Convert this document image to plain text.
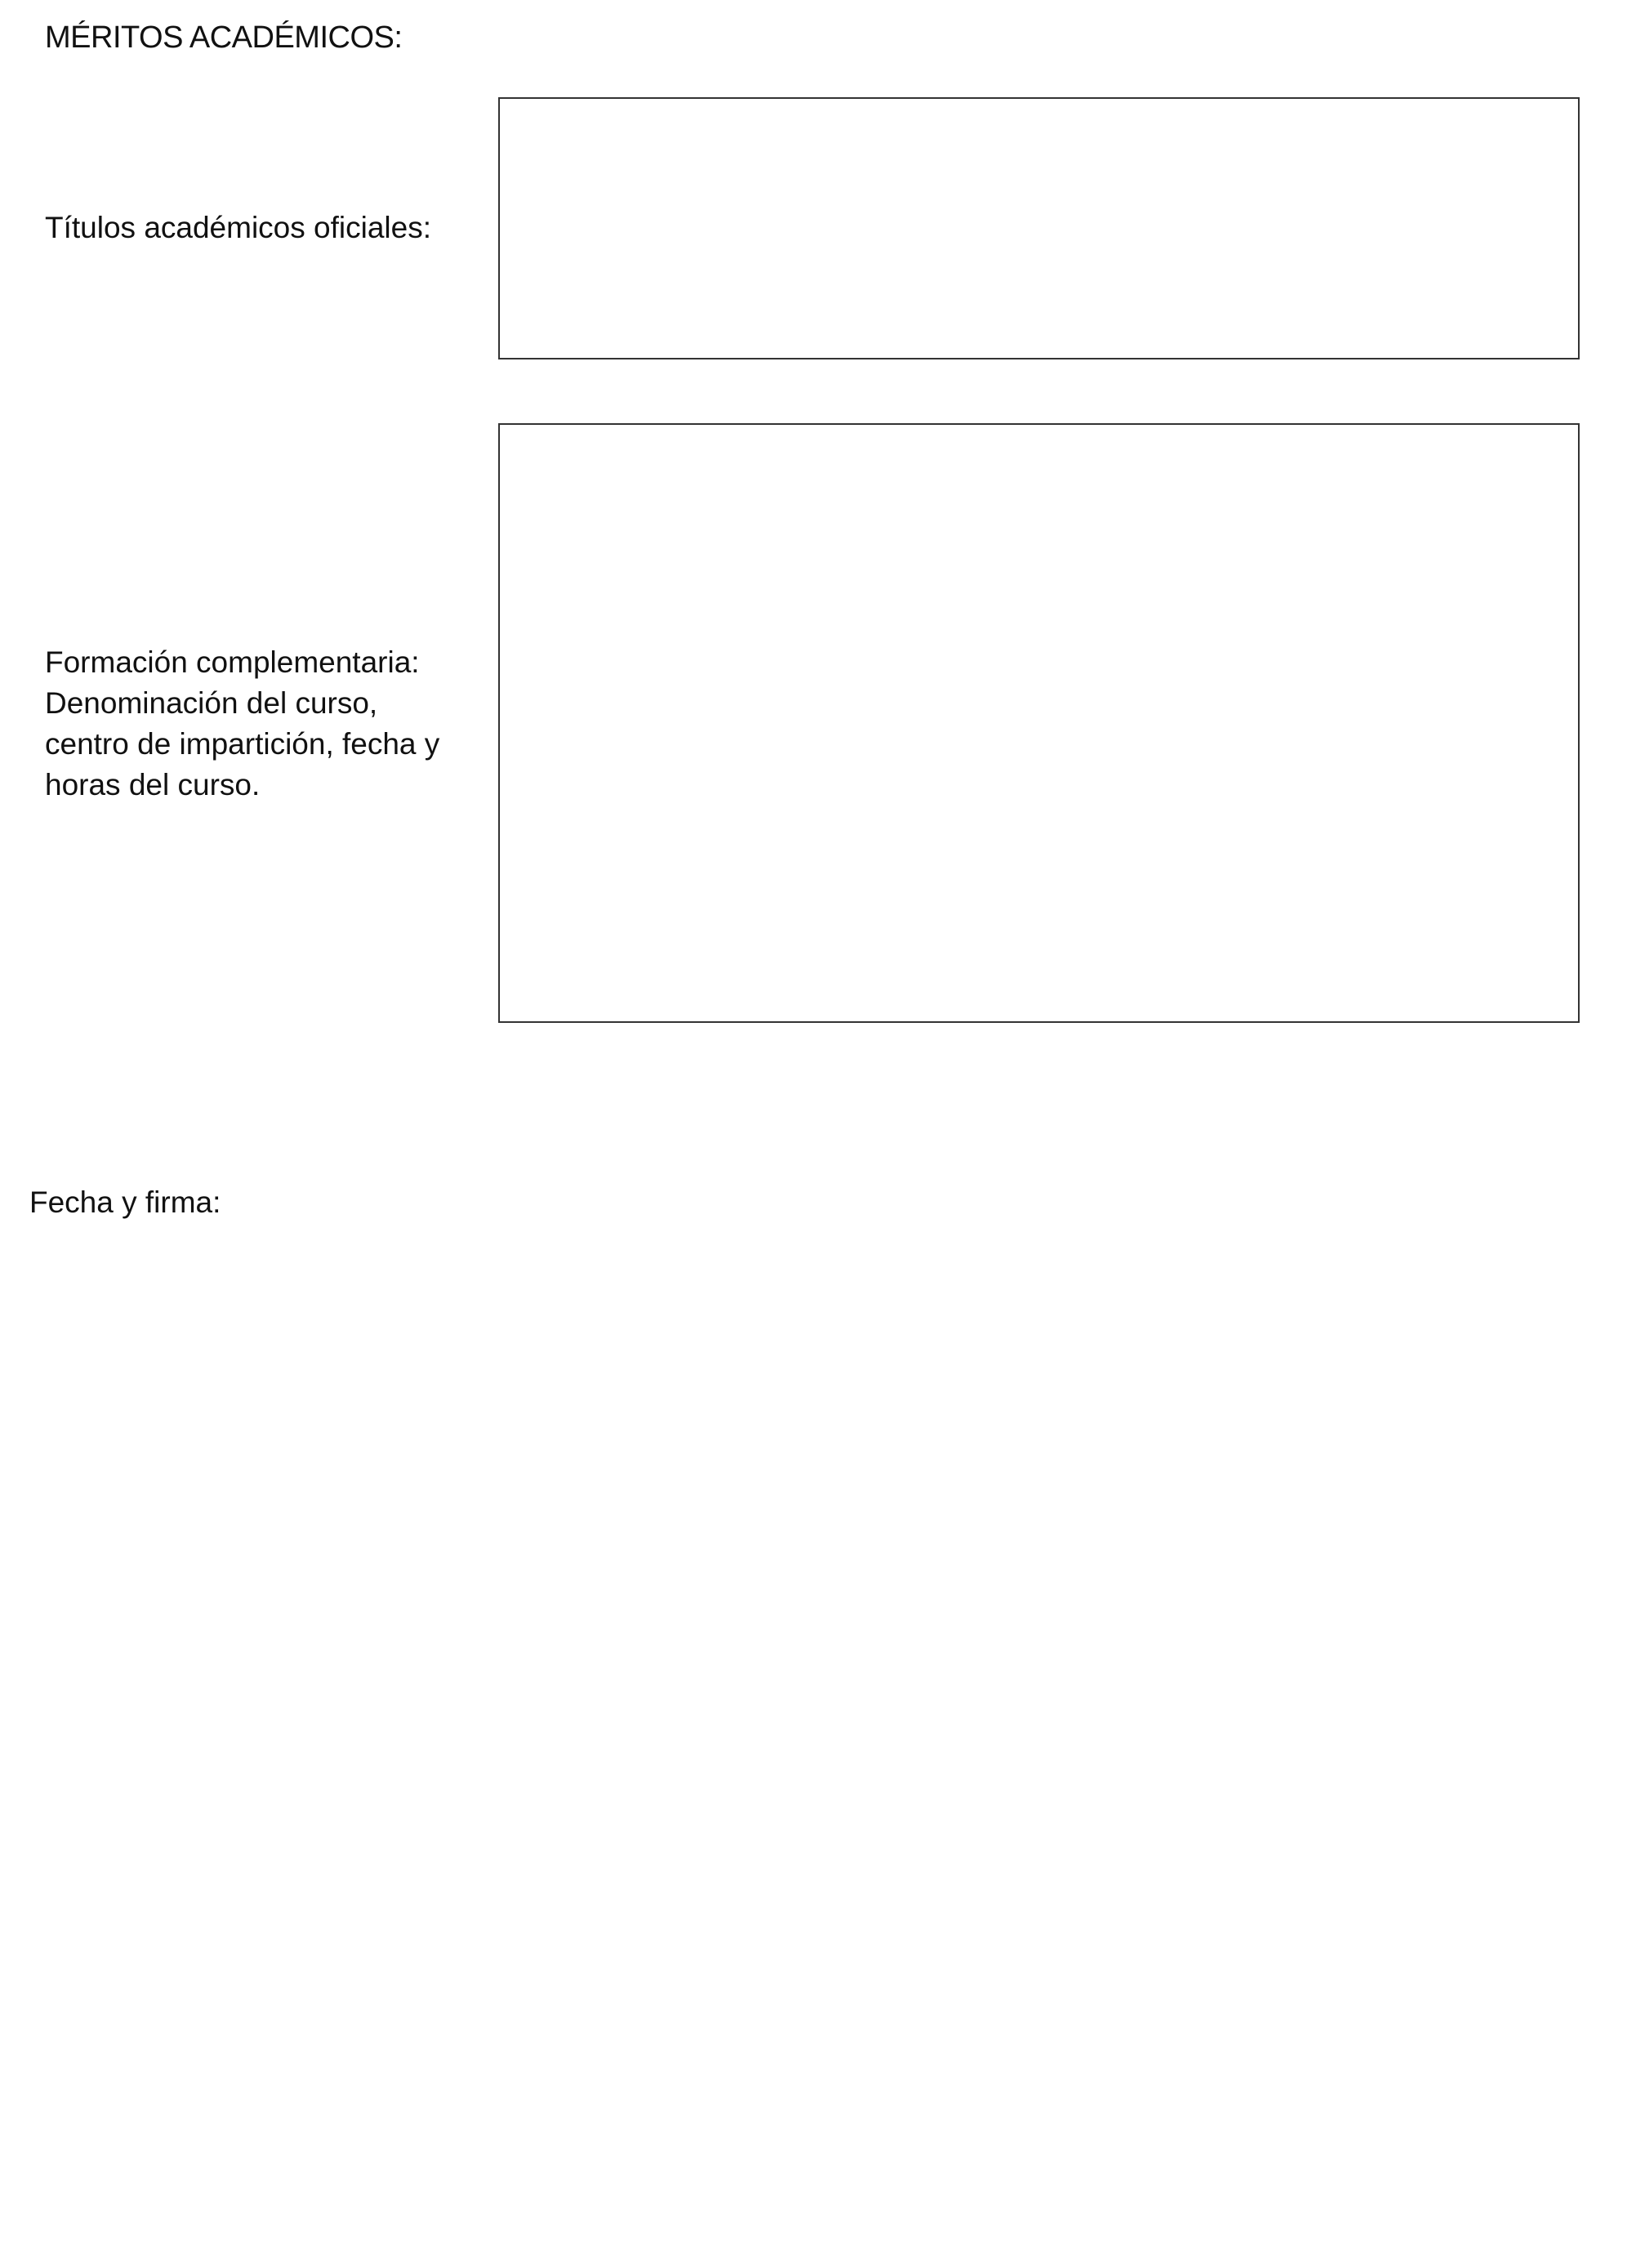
MÉRITOS ACADÉMICOS:
Títulos académicos oficiales:
Formación complementaria:
Denominación del curso,
centro de impartición, fecha y
horas del curso.
Fecha y firma:
